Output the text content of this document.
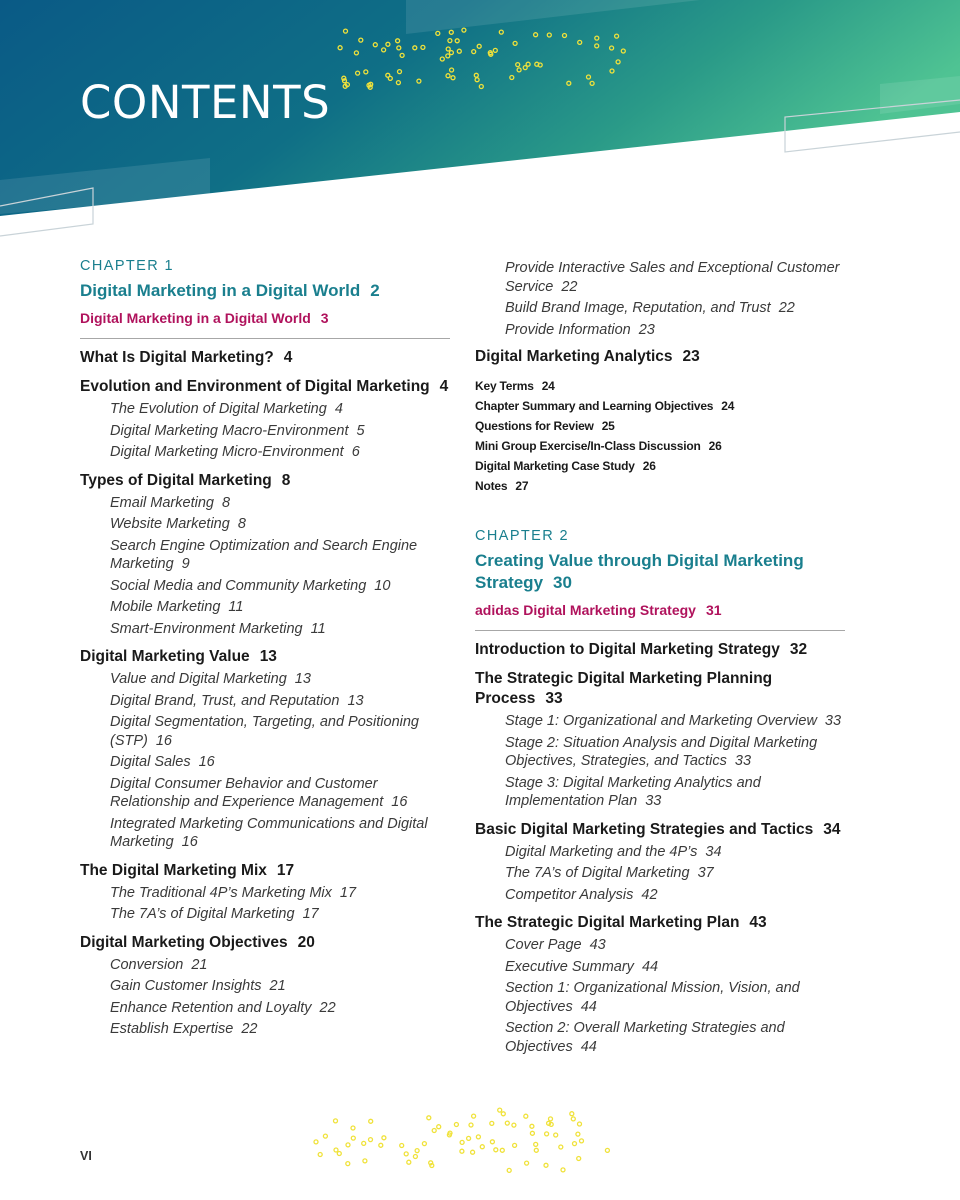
CONTENTS
CHAPTER 1
Digital Marketing in a Digital World 2
Digital Marketing in a Digital World 3
What Is Digital Marketing? 4
Evolution and Environment of Digital Marketing 4
The Evolution of Digital Marketing 4
Digital Marketing Macro-Environment 5
Digital Marketing Micro-Environment 6
Types of Digital Marketing 8
Email Marketing 8
Website Marketing 8
Search Engine Optimization and Search Engine Marketing 9
Social Media and Community Marketing 10
Mobile Marketing 11
Smart-Environment Marketing 11
Digital Marketing Value 13
Value and Digital Marketing 13
Digital Brand, Trust, and Reputation 13
Digital Segmentation, Targeting, and Positioning (STP) 16
Digital Sales 16
Digital Consumer Behavior and Customer Relationship and Experience Management 16
Integrated Marketing Communications and Digital Marketing 16
The Digital Marketing Mix 17
The Traditional 4P’s Marketing Mix 17
The 7A’s of Digital Marketing 17
Digital Marketing Objectives 20
Conversion 21
Gain Customer Insights 21
Enhance Retention and Loyalty 22
Establish Expertise 22
Provide Interactive Sales and Exceptional Customer Service 22
Build Brand Image, Reputation, and Trust 22
Provide Information 23
Digital Marketing Analytics 23
Key Terms 24
Chapter Summary and Learning Objectives 24
Questions for Review 25
Mini Group Exercise/In-Class Discussion 26
Digital Marketing Case Study 26
Notes 27
CHAPTER 2
Creating Value through Digital Marketing Strategy 30
adidas Digital Marketing Strategy 31
Introduction to Digital Marketing Strategy 32
The Strategic Digital Marketing Planning Process 33
Stage 1: Organizational and Marketing Overview 33
Stage 2: Situation Analysis and Digital Marketing Objectives, Strategies, and Tactics 33
Stage 3: Digital Marketing Analytics and Implementation Plan 33
Basic Digital Marketing Strategies and Tactics 34
Digital Marketing and the 4P’s 34
The 7A’s of Digital Marketing 37
Competitor Analysis 42
The Strategic Digital Marketing Plan 43
Cover Page 43
Executive Summary 44
Section 1: Organizational Mission, Vision, and Objectives 44
Section 2: Overall Marketing Strategies and Objectives 44
VI
